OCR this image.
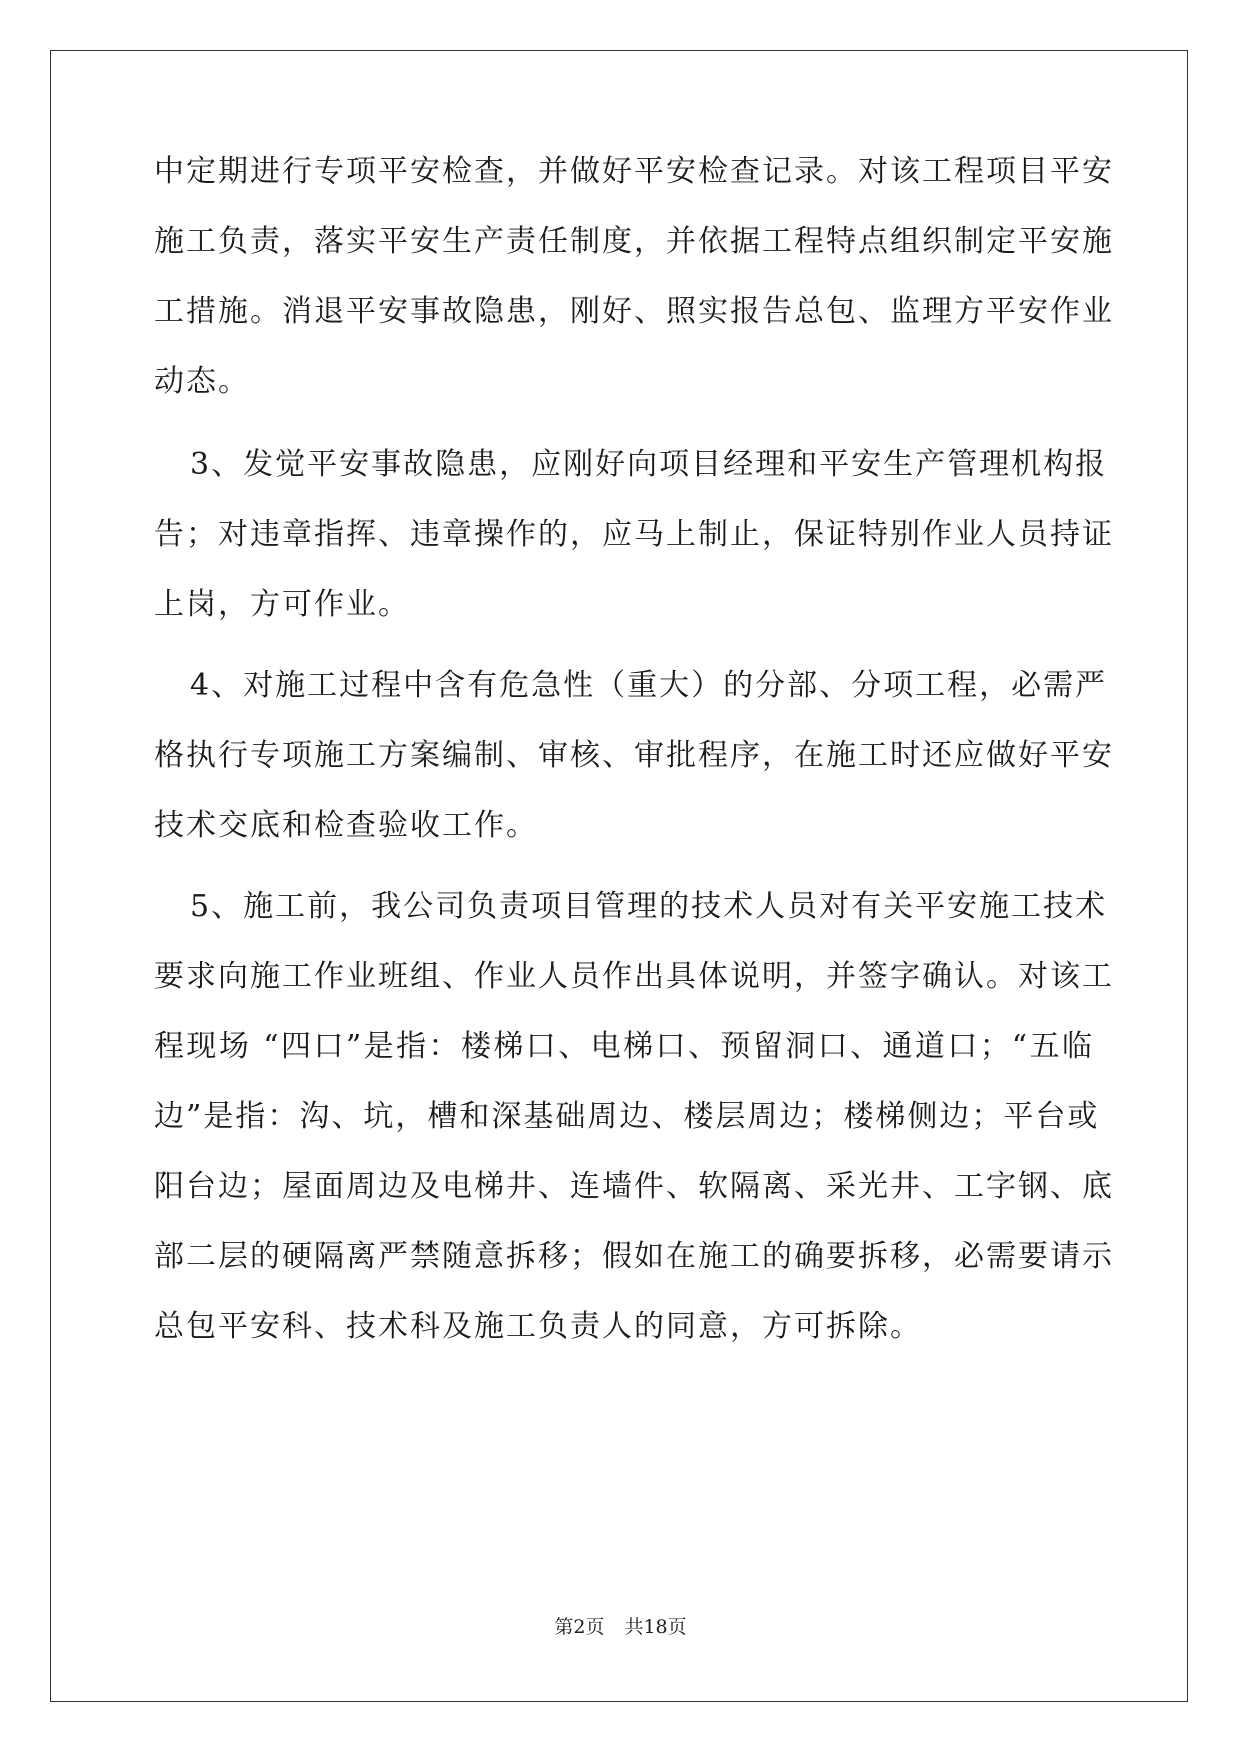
中定期进行专项平安检查，并做好平安检查记录。对该工程项目平安
施工负责，落实平安生产责任制度，并依据工程特点组织制定平安施
工措施。消退平安事故隐患，刚好、照实报告总包、监理方平安作业
动态。
3、发觉平安事故隐患，应刚好向项目经理和平安生产管理机构报
告；对违章指挥、违章操作的，应马上制止，保证特别作业人员持证
上岗，方可作业。
4、对施工过程中含有危急性（重大）的分部、分项工程，必需严
格执行专项施工方案编制、审核、审批程序，在施工时还应做好平安
技术交底和检查验收工作。
5、施工前，我公司负责项目管理的技术人员对有关平安施工技术
要求向施工作业班组、作业人员作出具体说明，并签字确认。对该工
程现场 “四口”是指：楼梯口、电梯口、预留洞口、通道口；“五临
边”是指：沟、坑，槽和深基础周边、楼层周边；楼梯侧边；平台或
阳台边；屋面周边及电梯井、连墙件、软隔离、采光井、工字钢、底
部二层的硬隔离严禁随意拆移；假如在施工的确要拆移，必需要请示
总包平安科、技术科及施工负责人的同意，方可拆除。
第2页 共18页
